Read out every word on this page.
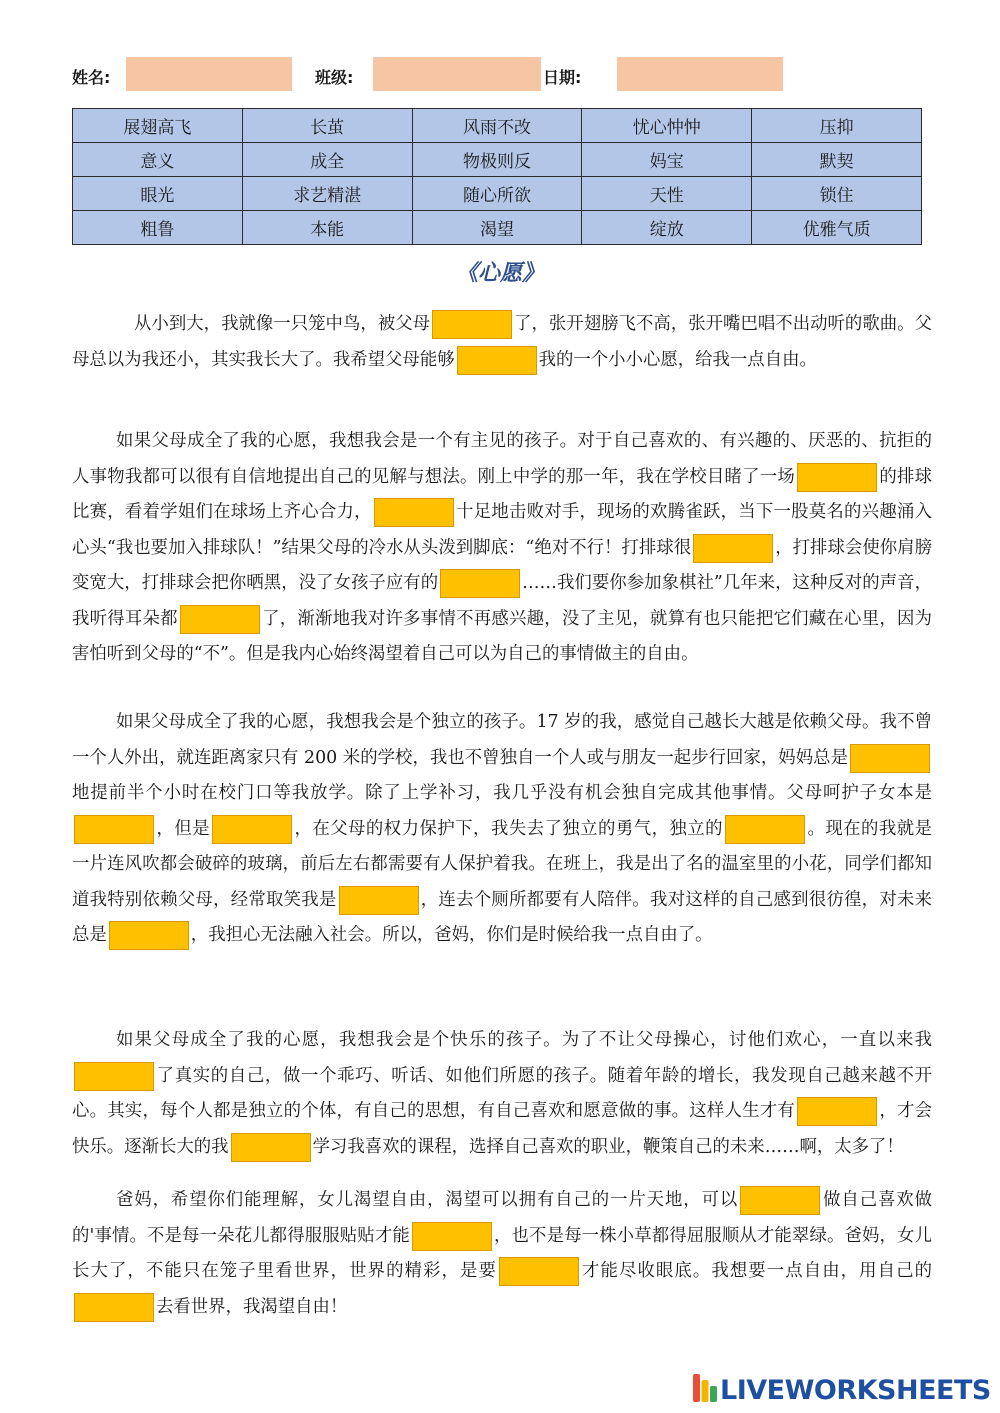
姓名:	班级:	日期:
展翅高飞	长茧	风雨不改	忧心忡忡	压抑
意义	成全	物极则反	妈宝	默契
眼光	求艺精湛	随心所欲	天性	锁住
粗鲁	本能	渴望	绽放	优雅气质
《心愿》

从小到大，我就像一只笼中鸟，被父母	了，张开翅膀飞不高，张开嘴巴唱不出动听的歌曲。父母总以为我还小，其实我长大了。我希望父母能够	我的一个小小心愿，给我一点自由。

如果父母成全了我的心愿，我想我会是一个有主见的孩子。对于自己喜欢的、有兴趣的、厌恶的、抗拒的人事物我都可以很有自信地提出自己的见解与想法。刚上中学的那一年，我在学校目睹了一场	的排球比赛，看着学姐们在球场上齐心合力，	十足地击败对手，现场的欢腾雀跃，当下一股莫名的兴趣涌入心头“我也要加入排球队！”结果父母的冷水从头泼到脚底：“绝对不行！打排球很	，打排球会使你肩膀变宽大，打排球会把你晒黑，没了女孩子应有的	……我们要你参加象棋社”几年来，这种反对的声音，我听得耳朵都	了，渐渐地我对许多事情不再感兴趣，没了主见，就算有也只能把它们藏在心里，因为害怕听到父母的“不”。但是我内心始终渴望着自己可以为自己的事情做主的自由。

如果父母成全了我的心愿，我想我会是个独立的孩子。17 岁的我，感觉自己越长大越是依赖父母。我不曾一个人外出，就连距离家只有 200 米的学校，我也不曾独自一个人或与朋友一起步行回家，妈妈总是地提前半个小时在校门口等我放学。除了上学补习，我几乎没有机会独自完成其他事情。父母呵护子女本是，但是	，在父母的权力保护下，我失去了独立的勇气，独立的	。现在的我就是一片连风吹都会破碎的玻璃，前后左右都需要有人保护着我。在班上，我是出了名的温室里的小花，同学们都知道我特别依赖父母，经常取笑我是	，连去个厕所都要有人陪伴。我对这样的自己感到很彷徨，对未来总是	，我担心无法融入社会。所以，爸妈，你们是时候给我一点自由了。

如果父母成全了我的心愿，我想我会是个快乐的孩子。为了不让父母操心，讨他们欢心，一直以来我了真实的自己，做一个乖巧、听话、如他们所愿的孩子。随着年龄的增长，我发现自己越来越不开心。其实，每个人都是独立的个体，有自己的思想，有自己喜欢和愿意做的事。这样人生才有	，才会快乐。逐渐长大的我	学习我喜欢的课程，选择自己喜欢的职业，鞭策自己的未来……啊，太多了！

爸妈，希望你们能理解，女儿渴望自由，渴望可以拥有自己的一片天地，可以	做自己喜欢做的'事情。不是每一朵花儿都得服服贴贴才能	，也不是每一株小草都得屈服顺从才能翠绿。爸妈，女儿长大了，不能只在笼子里看世界，世界的精彩，是要	才能尽收眼底。我想要一点自由，用自己的去看世界，我渴望自由！

LIVEWORKSHEETS
